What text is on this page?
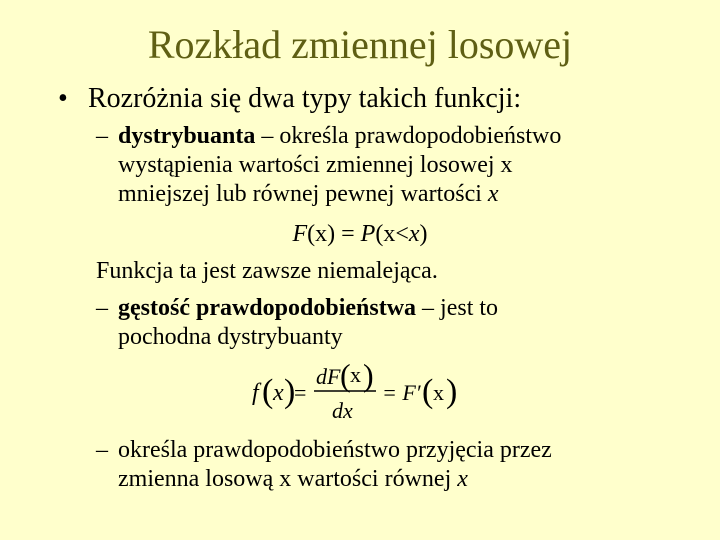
Rozkład zmiennej losowej
• Rozróżnia się dwa typy takich funkcji:
– dystrybuanta – określa prawdopodobieństwo
wystąpienia wartości zmiennej losowej x
mniejszej lub równej pewnej wartości x
F(x) = P(x<x)
Funkcja ta jest zawsze niemalejąca.
– gęstość prawdopodobieństwa – jest to
pochodna dystrybuanty
f ( x )
=
dF ( x )
dx
= F′ ( x )
– określa prawdopodobieństwo przyjęcia przez
zmienna losową x wartości równej x
